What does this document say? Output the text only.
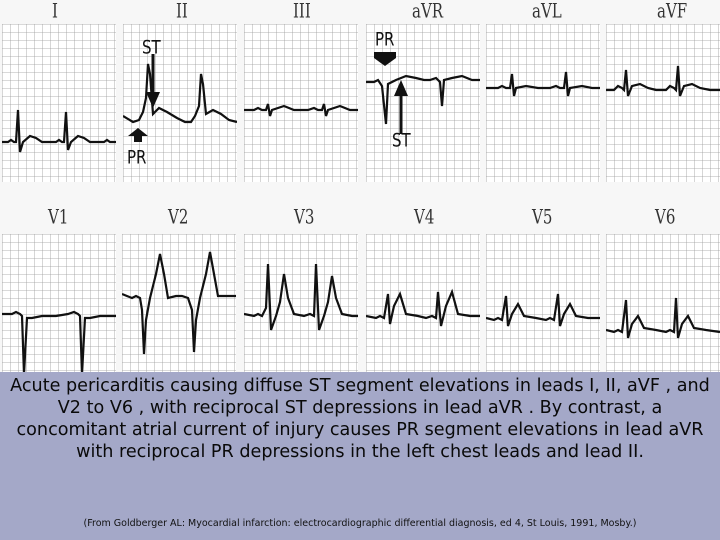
I	II	III	aVR	aVL	aVF
V1	V2	V3	V4	V5	V6
ST
PR
PR
ST
Acute pericarditis causing diffuse ST segment elevations in leads I, II, aVF , and V2 to V6 , with reciprocal ST depressions in lead aVR . By contrast, a concomitant atrial current of injury causes PR segment elevations in lead aVR with reciprocal PR depressions in the left chest leads and lead II.
(From Goldberger AL: Myocardial infarction: electrocardiographic differential diagnosis, ed 4, St Louis, 1991, Mosby.)
